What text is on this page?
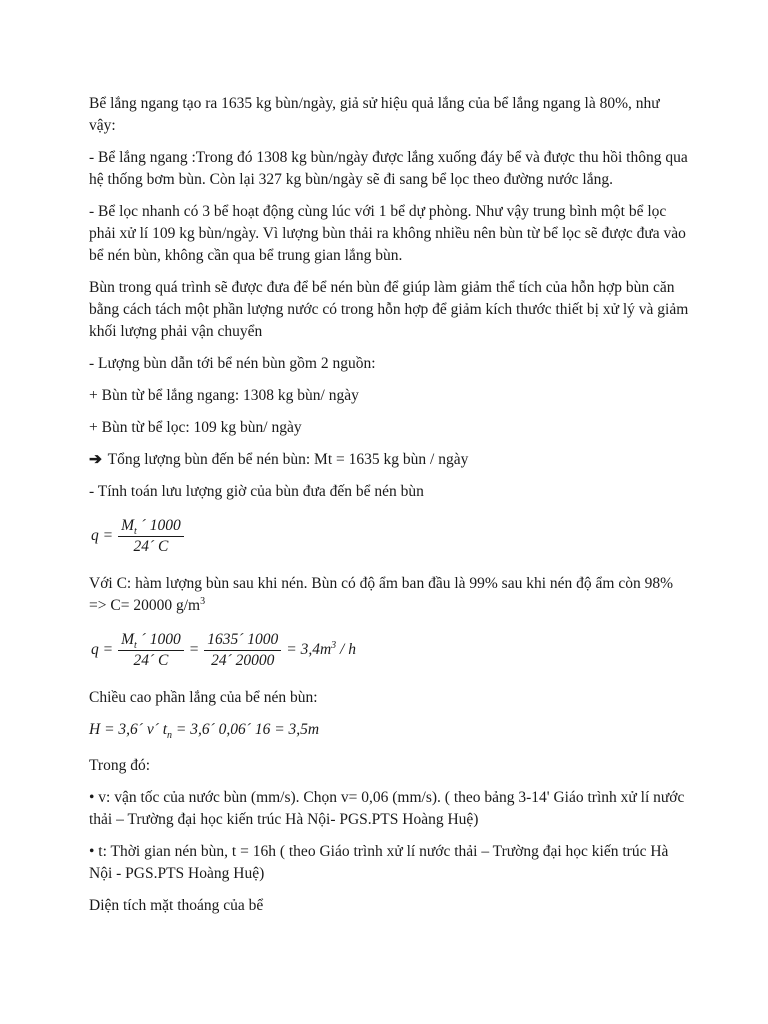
Bể lắng ngang tạo ra 1635 kg bùn/ngày, giả sử hiệu quả lắng của bể lắng ngang là 80%, như vậy:

- Bể lắng ngang :Trong đó 1308 kg bùn/ngày được lắng xuống đáy bể và được thu hồi thông qua hệ thống bơm bùn. Còn lại 327 kg bùn/ngày sẽ đi sang bể lọc theo đường nước lắng.

- Bể lọc nhanh có 3 bể hoạt động cùng lúc với 1 bể dự phòng. Như vậy trung bình một bể lọc phải xử lí 109 kg bùn/ngày. Vì lượng bùn thải ra không nhiều nên bùn từ bể lọc sẽ được đưa vào bể nén bùn, không cần qua bể trung gian lắng bùn.

Bùn trong quá trình sẽ được đưa để bể nén bùn để giúp làm giảm thể tích của hỗn hợp bùn căn bằng cách tách một phần lượng nước có trong hỗn hợp để giảm kích thước thiết bị xử lý và giảm khối lượng phải vận chuyển

- Lượng bùn dẫn tới bể nén bùn gồm 2 nguồn:

+ Bùn từ bể lắng ngang: 1308 kg bùn/ ngày

+ Bùn từ bể lọc: 109 kg bùn/ ngày

➔ Tổng lượng bùn đến bể nén bùn: Mt = 1635 kg bùn / ngày

- Tính toán lưu lượng giờ của bùn đưa đến bể nén bùn

$q = \frac{M_t ´ 1000}{24´ C}$

Với C: hàm lượng bùn sau khi nén. Bùn có độ ẩm ban đầu là 99% sau khi nén độ ẩm còn 98% => C= 20000 $g/m^3$

$q = \frac{M_t ´ 1000}{24´ C} = \frac{1635´ 1000}{24´ 20000} = 3,4m^3 / h$

Chiều cao phần lắng của bể nén bùn:

H = 3,6´ v´ $t_n$ = 3,6´ 0,06´ 16 = 3,5m

Trong đó:

• v: vận tốc của nước bùn (mm/s). Chọn v= 0,06 (mm/s). ( theo bảng 3-14' Giáo trình xử lí nước thải – Trường đại học kiến trúc Hà Nội- PGS.PTS Hoàng Huệ)

• t: Thời gian nén bùn, t = 16h ( theo Giáo trình xử lí nước thải – Trường đại học kiến trúc Hà Nội - PGS.PTS Hoàng Huệ)

Diện tích mặt thoáng của bể
